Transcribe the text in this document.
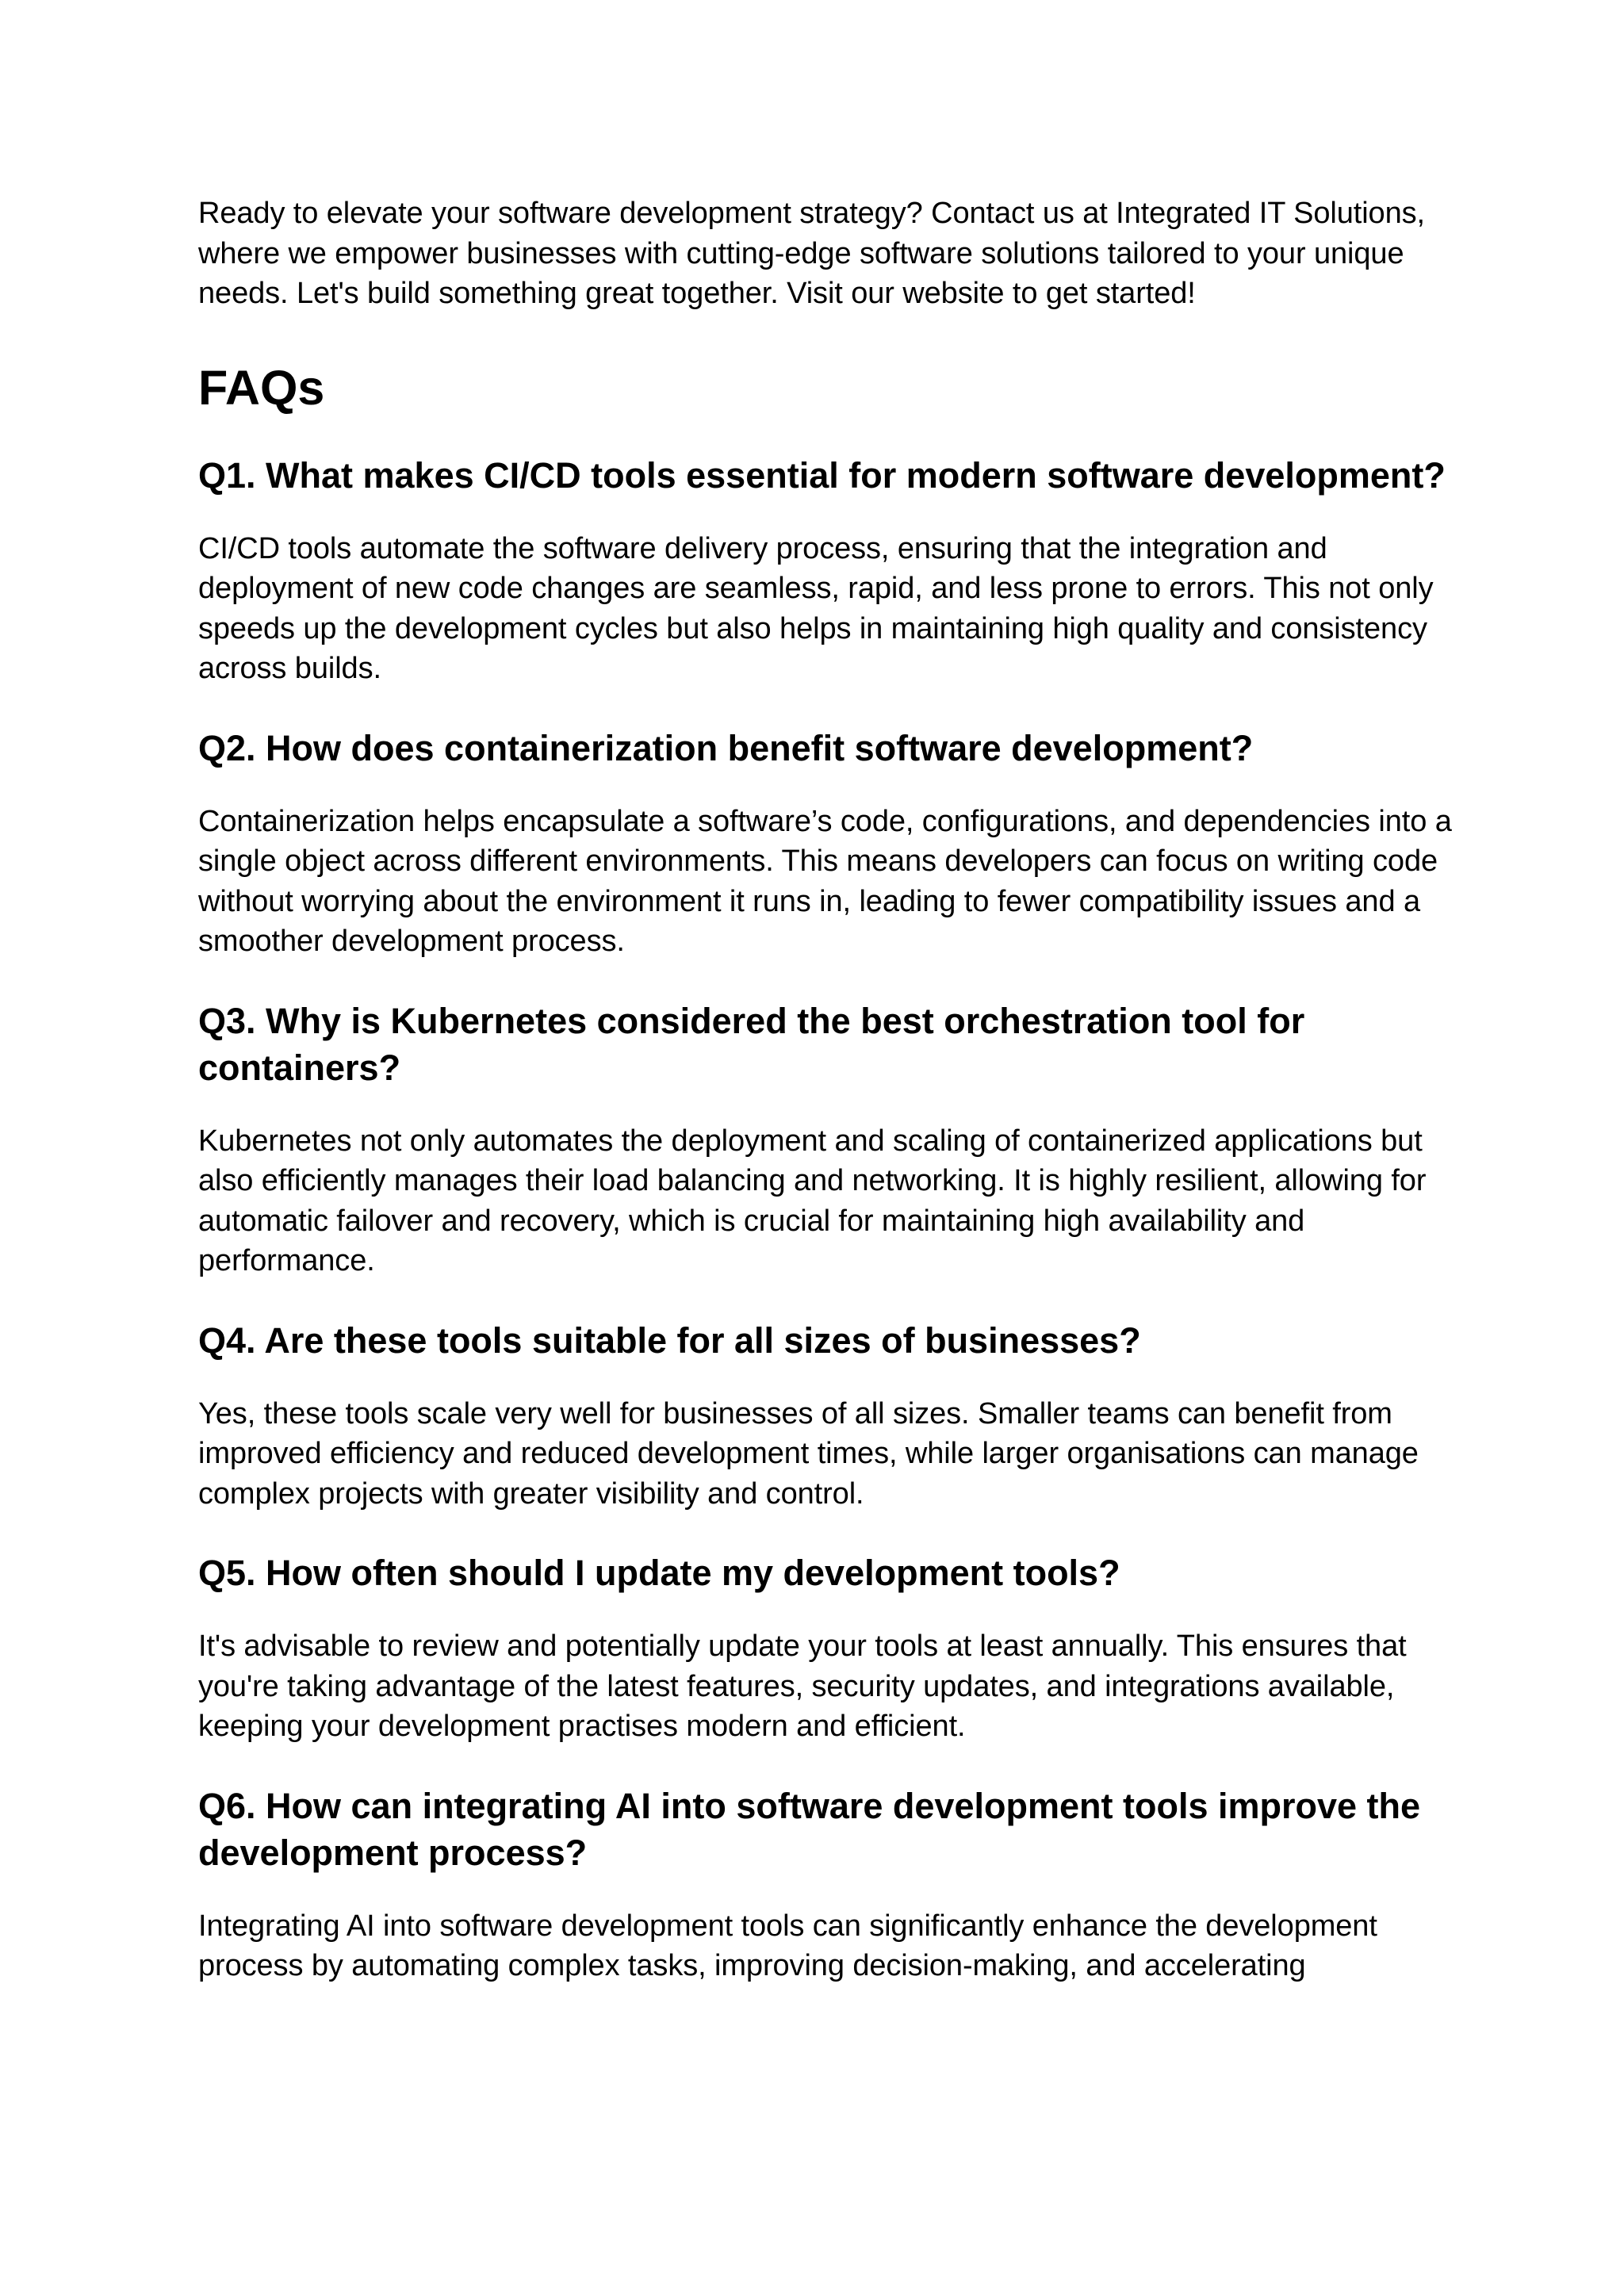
Ready to elevate your software development strategy? Contact us at Integrated IT Solutions, where we empower businesses with cutting-edge software solutions tailored to your unique needs. Let's build something great together. Visit our website to get started!

FAQs
Q1. What makes CI/CD tools essential for modern software development?

CI/CD tools automate the software delivery process, ensuring that the integration and deployment of new code changes are seamless, rapid, and less prone to errors. This not only speeds up the development cycles but also helps in maintaining high quality and consistency across builds.

Q2. How does containerization benefit software development?

Containerization helps encapsulate a software’s code, configurations, and dependencies into a single object across different environments. This means developers can focus on writing code without worrying about the environment it runs in, leading to fewer compatibility issues and a smoother development process.

Q3. Why is Kubernetes considered the best orchestration tool for containers?

Kubernetes not only automates the deployment and scaling of containerized applications but also efficiently manages their load balancing and networking. It is highly resilient, allowing for automatic failover and recovery, which is crucial for maintaining high availability and performance.

Q4. Are these tools suitable for all sizes of businesses?

Yes, these tools scale very well for businesses of all sizes. Smaller teams can benefit from improved efficiency and reduced development times, while larger organisations can manage complex projects with greater visibility and control.

Q5. How often should I update my development tools?

It's advisable to review and potentially update your tools at least annually. This ensures that you're taking advantage of the latest features, security updates, and integrations available, keeping your development practises modern and efficient.

Q6. How can integrating AI into software development tools improve the development process?

Integrating AI into software development tools can significantly enhance the development process by automating complex tasks, improving decision-making, and accelerating
